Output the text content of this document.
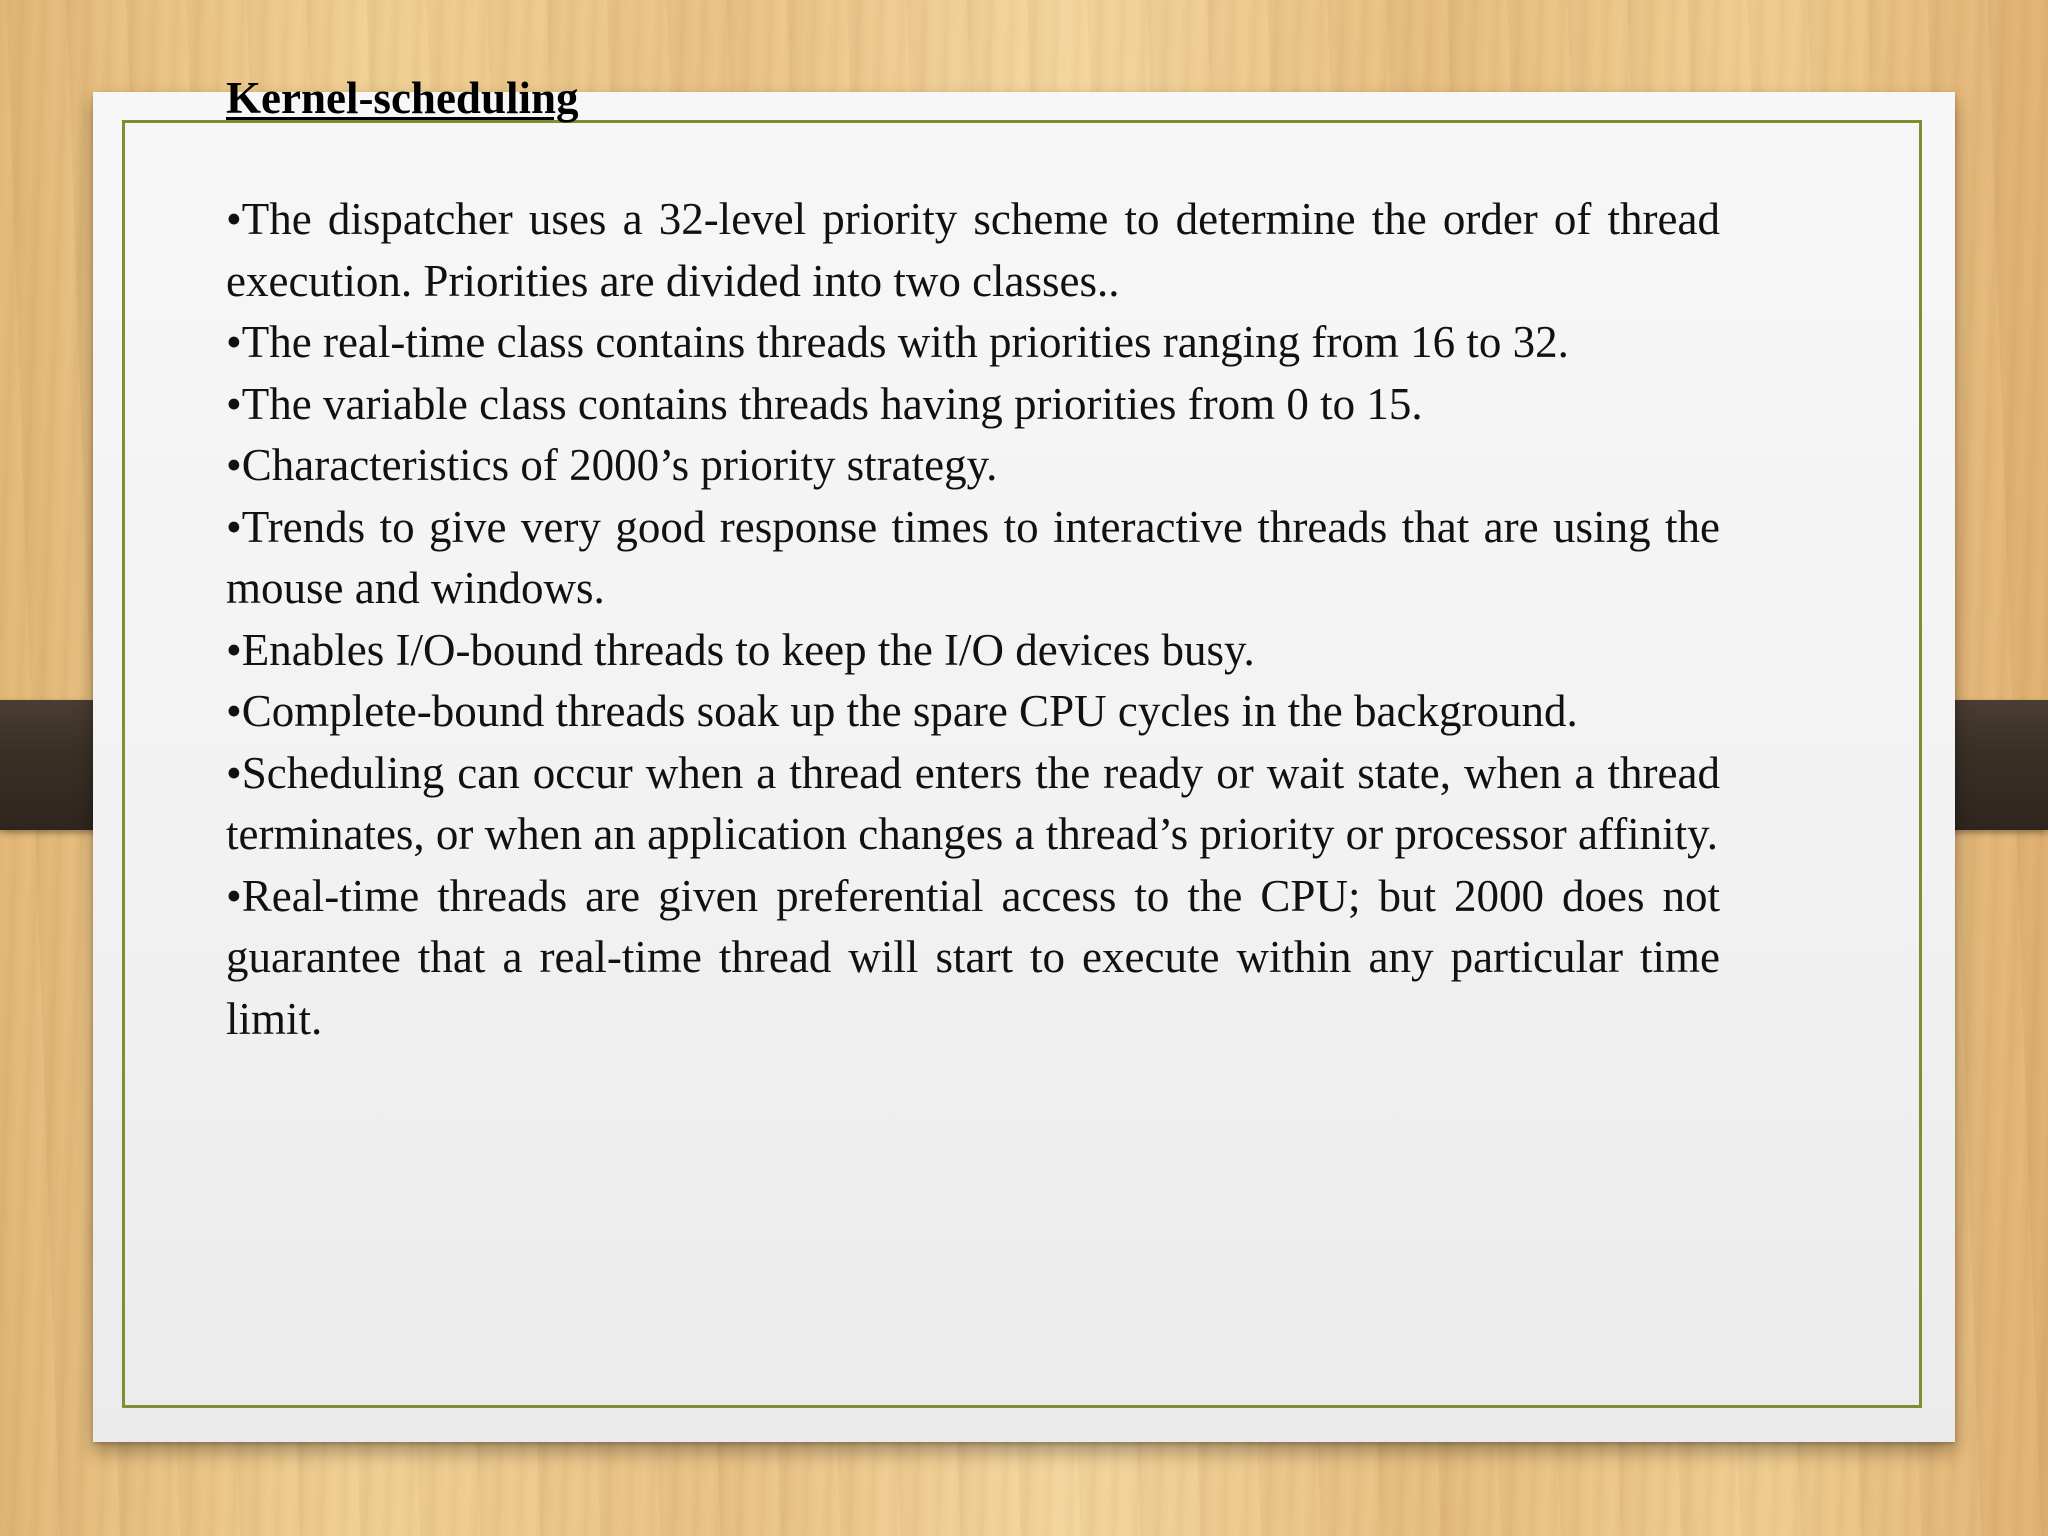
Kernel-scheduling
•The dispatcher uses a 32-level priority scheme to determine the order of thread execution. Priorities are divided into two classes..
•The real-time class contains threads with priorities ranging from 16 to 32.
•The variable class contains threads having priorities from 0 to 15.
•Characteristics of 2000’s priority strategy.
•Trends to give very good response times to interactive threads that are using the mouse and windows.
•Enables I/O-bound threads to keep the I/O devices busy.
•Complete-bound threads soak up the spare CPU cycles in the background.
•Scheduling can occur when a thread enters the ready or wait state, when a thread terminates, or when an application changes a thread’s priority or processor affinity.
•Real-time threads are given preferential access to the CPU; but 2000 does not guarantee that a real-time thread will start to execute within any particular time limit.
